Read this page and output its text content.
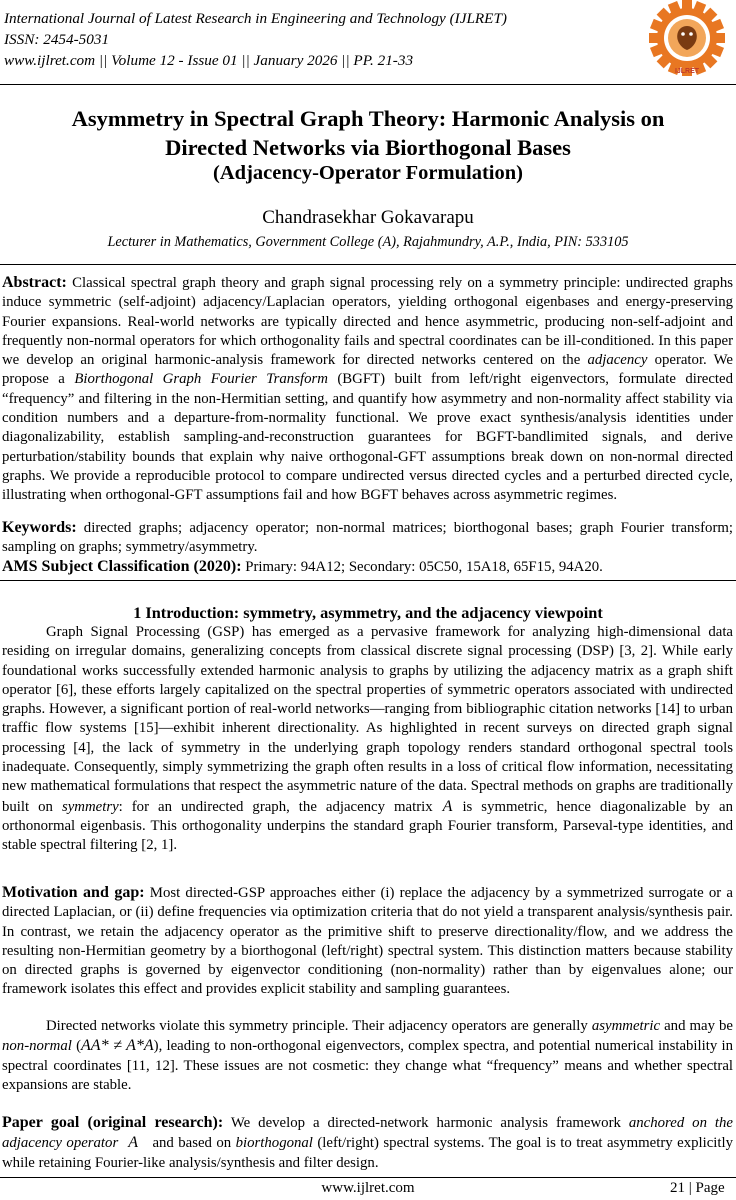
International Journal of Latest Research in Engineering and Technology (IJLRET)
ISSN: 2454-5031
www.ijlret.com || Volume 12 - Issue 01 || January 2026 || PP. 21-33
IJLRET
Asymmetry in Spectral Graph Theory: Harmonic Analysis on
Directed Networks via Biorthogonal Bases
(Adjacency-Operator Formulation)
Chandrasekhar Gokavarapu
Lecturer in Mathematics, Government College (A), Rajahmundry, A.P., India, PIN: 533105
Abstract: Classical spectral graph theory and graph signal processing rely on a symmetry principle: undirected graphs induce symmetric (self-adjoint) adjacency/Laplacian operators, yielding orthogonal eigenbases and energy-preserving Fourier expansions. Real-world networks are typically directed and hence asymmetric, producing non-self-adjoint and frequently non-normal operators for which orthogonality fails and spectral coordinates can be ill-conditioned. In this paper we develop an original harmonic-analysis framework for directed networks centered on the adjacency operator. We propose a Biorthogonal Graph Fourier Transform (BGFT) built from left/right eigenvectors, formulate directed “frequency” and filtering in the non-Hermitian setting, and quantify how asymmetry and non-normality affect stability via condition numbers and a departure-from-normality functional. We prove exact synthesis/analysis identities under diagonalizability, establish sampling-and-reconstruction guarantees for BGFT-bandlimited signals, and derive perturbation/stability bounds that explain why naive orthogonal-GFT assumptions break down on non-normal directed graphs. We provide a reproducible protocol to compare undirected versus directed cycles and a perturbed directed cycle, illustrating when orthogonal-GFT assumptions fail and how BGFT behaves across asymmetric regimes.
Keywords: directed graphs; adjacency operator; non-normal matrices; biorthogonal bases; graph Fourier transform; sampling on graphs; symmetry/asymmetry.
AMS Subject Classification (2020): Primary: 94A12; Secondary: 05C50, 15A18, 65F15, 94A20.
1 Introduction: symmetry, asymmetry, and the adjacency viewpoint
Graph Signal Processing (GSP) has emerged as a pervasive framework for analyzing high-dimensional data residing on irregular domains, generalizing concepts from classical discrete signal processing (DSP) [3, 2]. While early foundational works successfully extended harmonic analysis to graphs by utilizing the adjacency matrix as a graph shift operator [6], these efforts largely capitalized on the spectral properties of symmetric operators associated with undirected graphs. However, a significant portion of real-world networks—ranging from bibliographic citation networks [14] to urban traffic flow systems [15]—exhibit inherent directionality. As highlighted in recent surveys on directed graph signal processing [4], the lack of symmetry in the underlying graph topology renders standard orthogonal spectral tools inadequate. Consequently, simply symmetrizing the graph often results in a loss of critical flow information, necessitating new mathematical formulations that respect the asymmetric nature of the data. Spectral methods on graphs are traditionally built on symmetry: for an undirected graph, the adjacency matrix A is symmetric, hence diagonalizable by an orthonormal eigenbasis. This orthogonality underpins the standard graph Fourier transform, Parseval-type identities, and stable spectral filtering [2, 1].
Motivation and gap: Most directed-GSP approaches either (i) replace the adjacency by a symmetrized surrogate or a directed Laplacian, or (ii) define frequencies via optimization criteria that do not yield a transparent analysis/synthesis pair. In contrast, we retain the adjacency operator as the primitive shift to preserve directionality/flow, and we address the resulting non-Hermitian geometry by a biorthogonal (left/right) spectral system. This distinction matters because stability on directed graphs is governed by eigenvector conditioning (non-normality) rather than by eigenvalues alone; our framework isolates this effect and provides explicit stability and sampling guarantees.
Directed networks violate this symmetry principle. Their adjacency operators are generally asymmetric and may be non-normal (AA* ≠ A*A), leading to non-orthogonal eigenvectors, complex spectra, and potential numerical instability in spectral coordinates [11, 12]. These issues are not cosmetic: they change what “frequency” means and whether spectral expansions are stable.
Paper goal (original research): We develop a directed-network harmonic analysis framework anchored on the adjacency operator A and based on biorthogonal (left/right) spectral systems. The goal is to treat asymmetry explicitly while retaining Fourier-like analysis/synthesis and filter design.
www.ijlret.com	21 | Page
